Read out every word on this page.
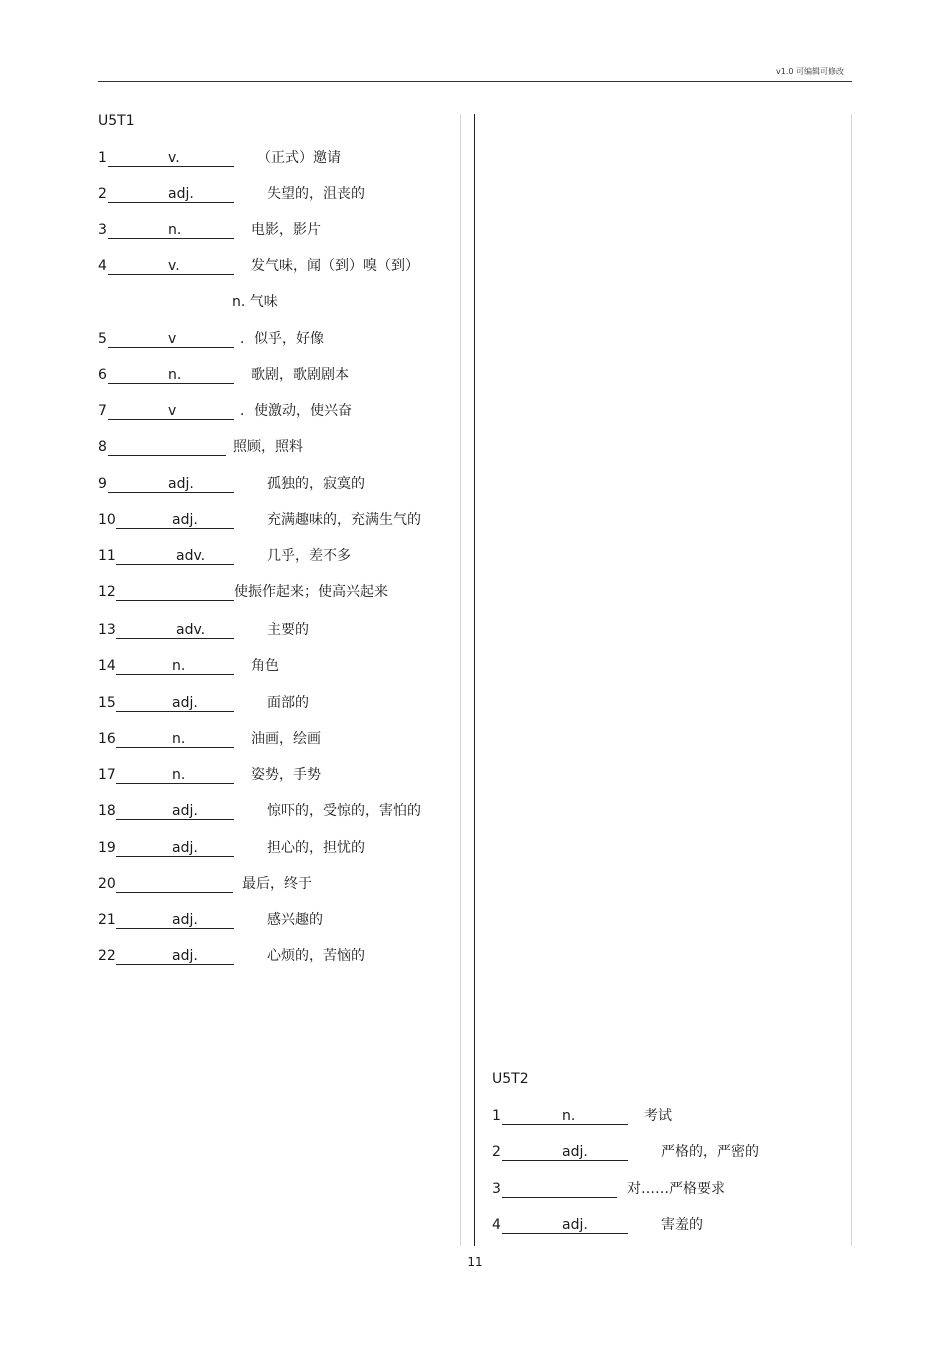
v1.0 可编辑可修改
U5T1
1	v.	（正式）邀请
2	adj.	失望的，沮丧的
3	n.	电影，影片
4	v.	发气味，闻（到）嗅（到）
n. 气味
5	v	．似乎，好像
6	n.	歌剧，歌剧剧本
7	v	．使激动，使兴奋
8	照顾，照料
9	adj.	孤独的，寂寞的
10	adj.	充满趣味的，充满生气的
11	adv.	几乎，差不多
12	使振作起来；使高兴起来
13	adv.	主要的
14	n.	角色
15	adj.	面部的
16	n.	油画，绘画
17	n.	姿势，手势
18	adj.	惊吓的，受惊的，害怕的
19	adj.	担心的，担忧的
20	最后，终于
21	adj.	感兴趣的
22	adj.	心烦的，苦恼的
U5T2
1	n.	考试
2	adj.	严格的，严密的
3	对……严格要求
4	adj.	害羞的
11
